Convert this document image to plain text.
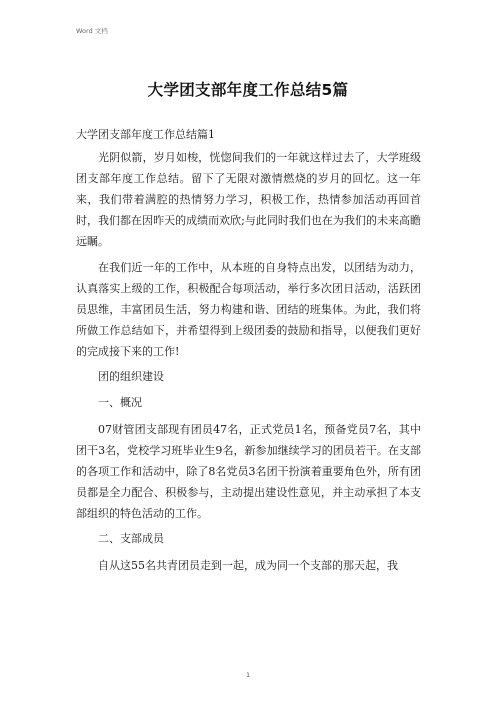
Word 文档
大学团支部年度工作总结5篇

大学团支部年度工作总结篇1

光阴似箭，岁月如梭，恍惚间我们的一年就这样过去了，大学班级团支部年度工作总结。留下了无限对激情燃烧的岁月的回忆。这一年来，我们带着满腔的热情努力学习，积极工作，热情参加活动再回首时，我们都在因昨天的成绩而欢欣;与此同时我们也在为我们的未来高瞻远瞩。

在我们近一年的工作中，从本班的自身特点出发，以团结为动力，认真落实上级的工作，积极配合每项活动，举行多次团日活动，活跃团员思维，丰富团员生活，努力构建和谐、团结的班集体。为此，我们将所做工作总结如下，并希望得到上级团委的鼓励和指导，以便我们更好的完成接下来的工作!

团的组织建设

一、概况

07财管团支部现有团员47名，正式党员1名，预备党员7名，其中团干3名，党校学习班毕业生9名，新参加继续学习的团员若干。在支部的各项工作和活动中，除了8名党员3名团干扮演着重要角色外，所有团员都是全力配合、积极参与，主动提出建设性意见，并主动承担了本支部组织的特色活动的工作。

二、支部成员

自从这55名共青团员走到一起，成为同一个支部的那天起，我

1
